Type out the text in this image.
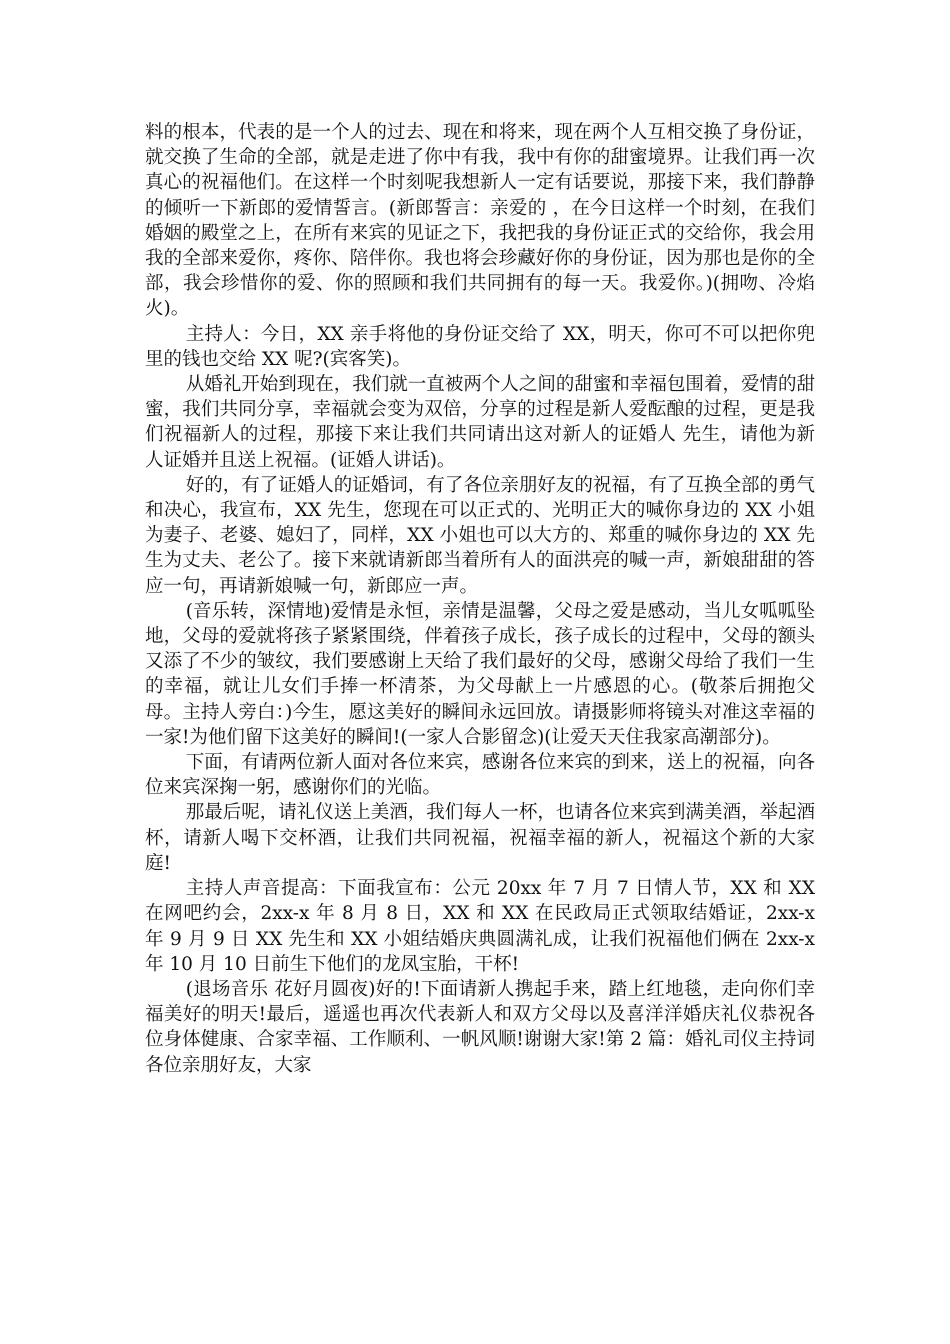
料的根本，代表的是一个人的过去、现在和将来，现在两个人互相交换了身份证，就交换了生命的全部，就是走进了你中有我，我中有你的甜蜜境界。让我们再一次真心的祝福他们。在这样一个时刻呢我想新人一定有话要说，那接下来，我们静静的倾听一下新郎的爱情誓言。(新郎誓言：亲爱的 ，在今日这样一个时刻，在我们婚姻的殿堂之上，在所有来宾的见证之下，我把我的身份证正式的交给你，我会用我的全部来爱你，疼你、陪伴你。我也将会珍藏好你的身份证，因为那也是你的全部，我会珍惜你的爱、你的照顾和我们共同拥有的每一天。我爱你。)(拥吻、冷焰火)。

主持人：今日，XX 亲手将他的身份证交给了 XX，明天，你可不可以把你兜里的钱也交给 XX 呢?(宾客笑)。

从婚礼开始到现在，我们就一直被两个人之间的甜蜜和幸福包围着，爱情的甜蜜，我们共同分享，幸福就会变为双倍，分享的过程是新人爱酝酿的过程，更是我们祝福新人的过程，那接下来让我们共同请出这对新人的证婚人 先生，请他为新人证婚并且送上祝福。(证婚人讲话)。

好的，有了证婚人的证婚词，有了各位亲朋好友的祝福，有了互换全部的勇气和决心，我宣布，XX 先生，您现在可以正式的、光明正大的喊你身边的 XX 小姐为妻子、老婆、媳妇了，同样，XX 小姐也可以大方的、郑重的喊你身边的 XX 先生为丈夫、老公了。接下来就请新郎当着所有人的面洪亮的喊一声，新娘甜甜的答应一句，再请新娘喊一句，新郎应一声。

(音乐转，深情地)爱情是永恒，亲情是温馨，父母之爱是感动，当儿女呱呱坠地，父母的爱就将孩子紧紧围绕，伴着孩子成长，孩子成长的过程中，父母的额头又添了不少的皱纹，我们要感谢上天给了我们最好的父母，感谢父母给了我们一生的幸福，就让儿女们手捧一杯清茶，为父母献上一片感恩的心。(敬茶后拥抱父母。主持人旁白：)今生，愿这美好的瞬间永远回放。请摄影师将镜头对准这幸福的一家!为他们留下这美好的瞬间!(一家人合影留念)(让爱天天住我家高潮部分)。

下面，有请两位新人面对各位来宾，感谢各位来宾的到来，送上的祝福，向各位来宾深掬一躬，感谢你们的光临。

那最后呢，请礼仪送上美酒，我们每人一杯，也请各位来宾到满美酒，举起酒杯，请新人喝下交杯酒，让我们共同祝福，祝福幸福的新人，祝福这个新的大家庭!

主持人声音提高：下面我宣布：公元 20xx 年 7 月 7 日情人节，XX 和 XX 在网吧约会，2xx-x 年 8 月 8 日，XX 和 XX 在民政局正式领取结婚证，2xx-x 年 9 月 9 日 XX 先生和 XX 小姐结婚庆典圆满礼成，让我们祝福他们俩在 2xx-x 年 10 月 10 日前生下他们的龙凤宝胎，干杯!

(退场音乐 花好月圆夜)好的!下面请新人携起手来，踏上红地毯，走向你们幸福美好的明天!最后，遥遥也再次代表新人和双方父母以及喜洋洋婚庆礼仪恭祝各位身体健康、合家幸福、工作顺利、一帆风顺!谢谢大家!第 2 篇：婚礼司仪主持词各位亲朋好友，大家
